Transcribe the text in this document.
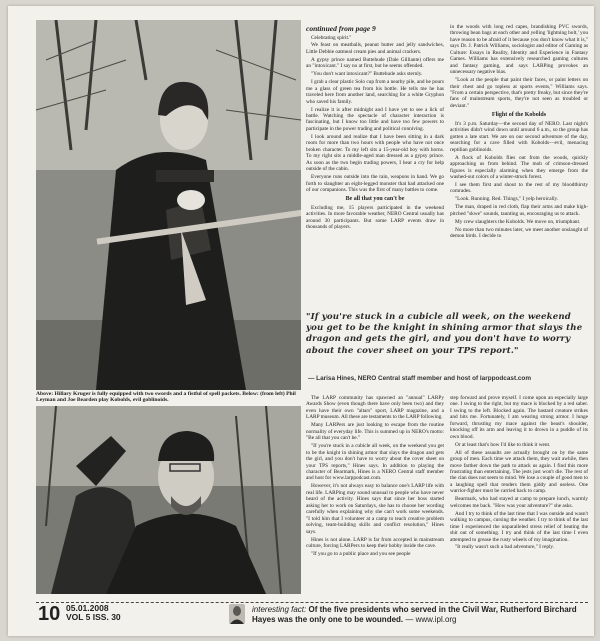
Above: Hillary Kruger is fully equipped with two swords and a fistful of spell packets. Below: (from left) Phil Leyman and Joe Bearden play Kobolds, evil goblinoids.

continued from page 9

Celebrating spirit."

We feast on meatballs, peanut butter and jelly sandwiches, Little Debbie oatmeal cream pies and animal crackers.

A gypsy prince named Buttehude (Dale Gilliante) offers me an "intoxicant." I say no at first, but he seems offended.

"You don't want intoxicant?" Buttehude asks sternly.

I grab a clear plastic Solo cup from a nearby pile, and he pours me a glass of green tea from his bottle. He tells me he has traveled here from another land, searching for a white Gryphon who saved his family.

I realize it is after midnight and I have yet to see a lick of battle. Watching the spectacle of character interaction is fascinating, but I know too little and have too few powers to participate in the power trading and political conniving.

I look around and realize that I have been sitting in a dark room for more than two hours with people who have not once broken character. To my left sits a 15-year-old boy with horns. To my right sits a middle-aged man dressed as a gypsy prince. As soon as the two begin trading powers, I hear a cry for help outside of the cabin.

Everyone runs outside into the rain, weapons in hand. We go forth to slaughter an eight-legged monster that had attacked one of our companions. This was the first of many battles to come.

Be all that you can't be

Excluding me, 15 players participated in the weekend activities. In more favorable weather, NERO Central usually has around 30 participants. But some LARP events draw in thousands of players.

in the woods with long red capes, brandishing PVC swords, throwing bean bags at each other and yelling 'lightning bolt,' you have reason to be afraid of it because you don't know what it is," says Dr. J. Patrick Williams, sociologist and editor of Gaming as Culture: Essays in Reality, Identity and Experience in Fantasy Games. Williams has extensively researched gaming cultures and fantasy gaming, and says LARPing provokes an unnecessary negative bias.

"Look at the people that paint their faces, or paint letters on their chest and go topless at sports events," Williams says. "From a certain perspective, that's pretty freaky, but since they're fans of mainstream sports, they're not seen as troubled or deviant."

Flight of the Kobolds

It's 3 p.m. Saturday—the second day of NERO. Last night's activities didn't wind down until around 6 a.m., so the group has gotten a late start. We are on our second adventure of the day, searching for a cave filled with Kobolds—evil, menacing reptilian goblinoids.

A flock of Kobolds flies out from the woods, quickly approaching us from behind. The mob of crimson-dressed figures is especially alarming when they emerge from the washed-out colors of a winter-struck forest.

I see them first and shout to the rest of my bloodthirsty comrades.

"Look. Running. Red. Things," I yelp heroically.

The man, draped in red cloth, flap their arms and make high-pitched "skwe" sounds, taunting us, encouraging us to attack.

My crew slaughters the Kobolds. We move on, triumphant.

No more than two minutes later, we meet another onslaught of demon birds. I decide to

"If you're stuck in a cubicle all week, on the weekend you get to be the knight in shining armor that slays the dragon and gets the girl, and you don't have to worry about the cover sheet on your TPS report."
— Larisa Hines, NERO Central staff member and host of larppodcast.com

The LARP community has spawned an "annual" LARPy Awards Show (even though there have only been two) and they even have their own "altars" sport, LARP magazine, and a LARP museum. All these are testaments to the LARP following.

Many LARPers are just looking to escape from the routine normality of everyday life. This is summed up in NERO's motto: "Be all that you can't be."

"If you're stuck in a cubicle all week, on the weekend you get to be the knight in shining armor that slays the dragon and gets the girl, and you don't have to worry about the cover sheet on your TPS reports," Hines says. In addition to playing the character of Bearmark, Hines is a NERO Central staff member and host for www.larppodcast.com.

However, it's not always easy to balance one's LARP life with real life. LARPing may sound unusual to people who have never heard of the activity. Hines says that since her boss started asking her to work on Saturdays, she has to choose her wording carefully when explaining why she can't work some weekends. "I told him that I volunteer at a camp to teach creative problem solving, team-building skills and conflict resolution," Hines says.

Hines is not alone. LARP is far from accepted in mainstream culture, forcing LARPers to keep their hobby inside the cave.

"If you go to a public place and you see people

step forward and prove myself. I come upon an especially large one. I swing to the right, but my mace is blocked by a red saber. I swing to the left. Blocked again. The bastard creature strikes and hits me. Fortunately, I am wearing strong armor. I lunge forward, thrusting my mace against the beast's shoulder, knocking off its arm and leaving it to drown in a puddle of its own blood.

Or at least that's how I'd like to think it went.

All of these assaults are actually brought on by the same group of men. Each time we attack them, they wait awhile, then move farther down the path to attack us again. I find this more frustrating than entertaining. The jests just won't die. The rest of the clan does not seem to mind. We lose a couple of good men to a laughing spell that renders them giddy and useless. One warrior-fighter must be carried back to camp.

Bearmark, who had stayed at camp to prepare lunch, warmly welcomes me back. "How was your adventure?" she asks.

And I try to think of the last time that I was outside and wasn't walking to campus, cursing the weather. I try to think of the last time I experienced the unparalleled stress relief of beating the shit out of something. I try and think of the last time I even attempted to grease the rusty wheels of my imagination.

"It really wasn't such a bad adventure," I reply.

10 05.01.2008
VOL 5 ISS. 30
interesting fact: Of the five presidents who served in the Civil War, Rutherford Birchard Hayes was the only one to be wounded. — www.ipl.org
